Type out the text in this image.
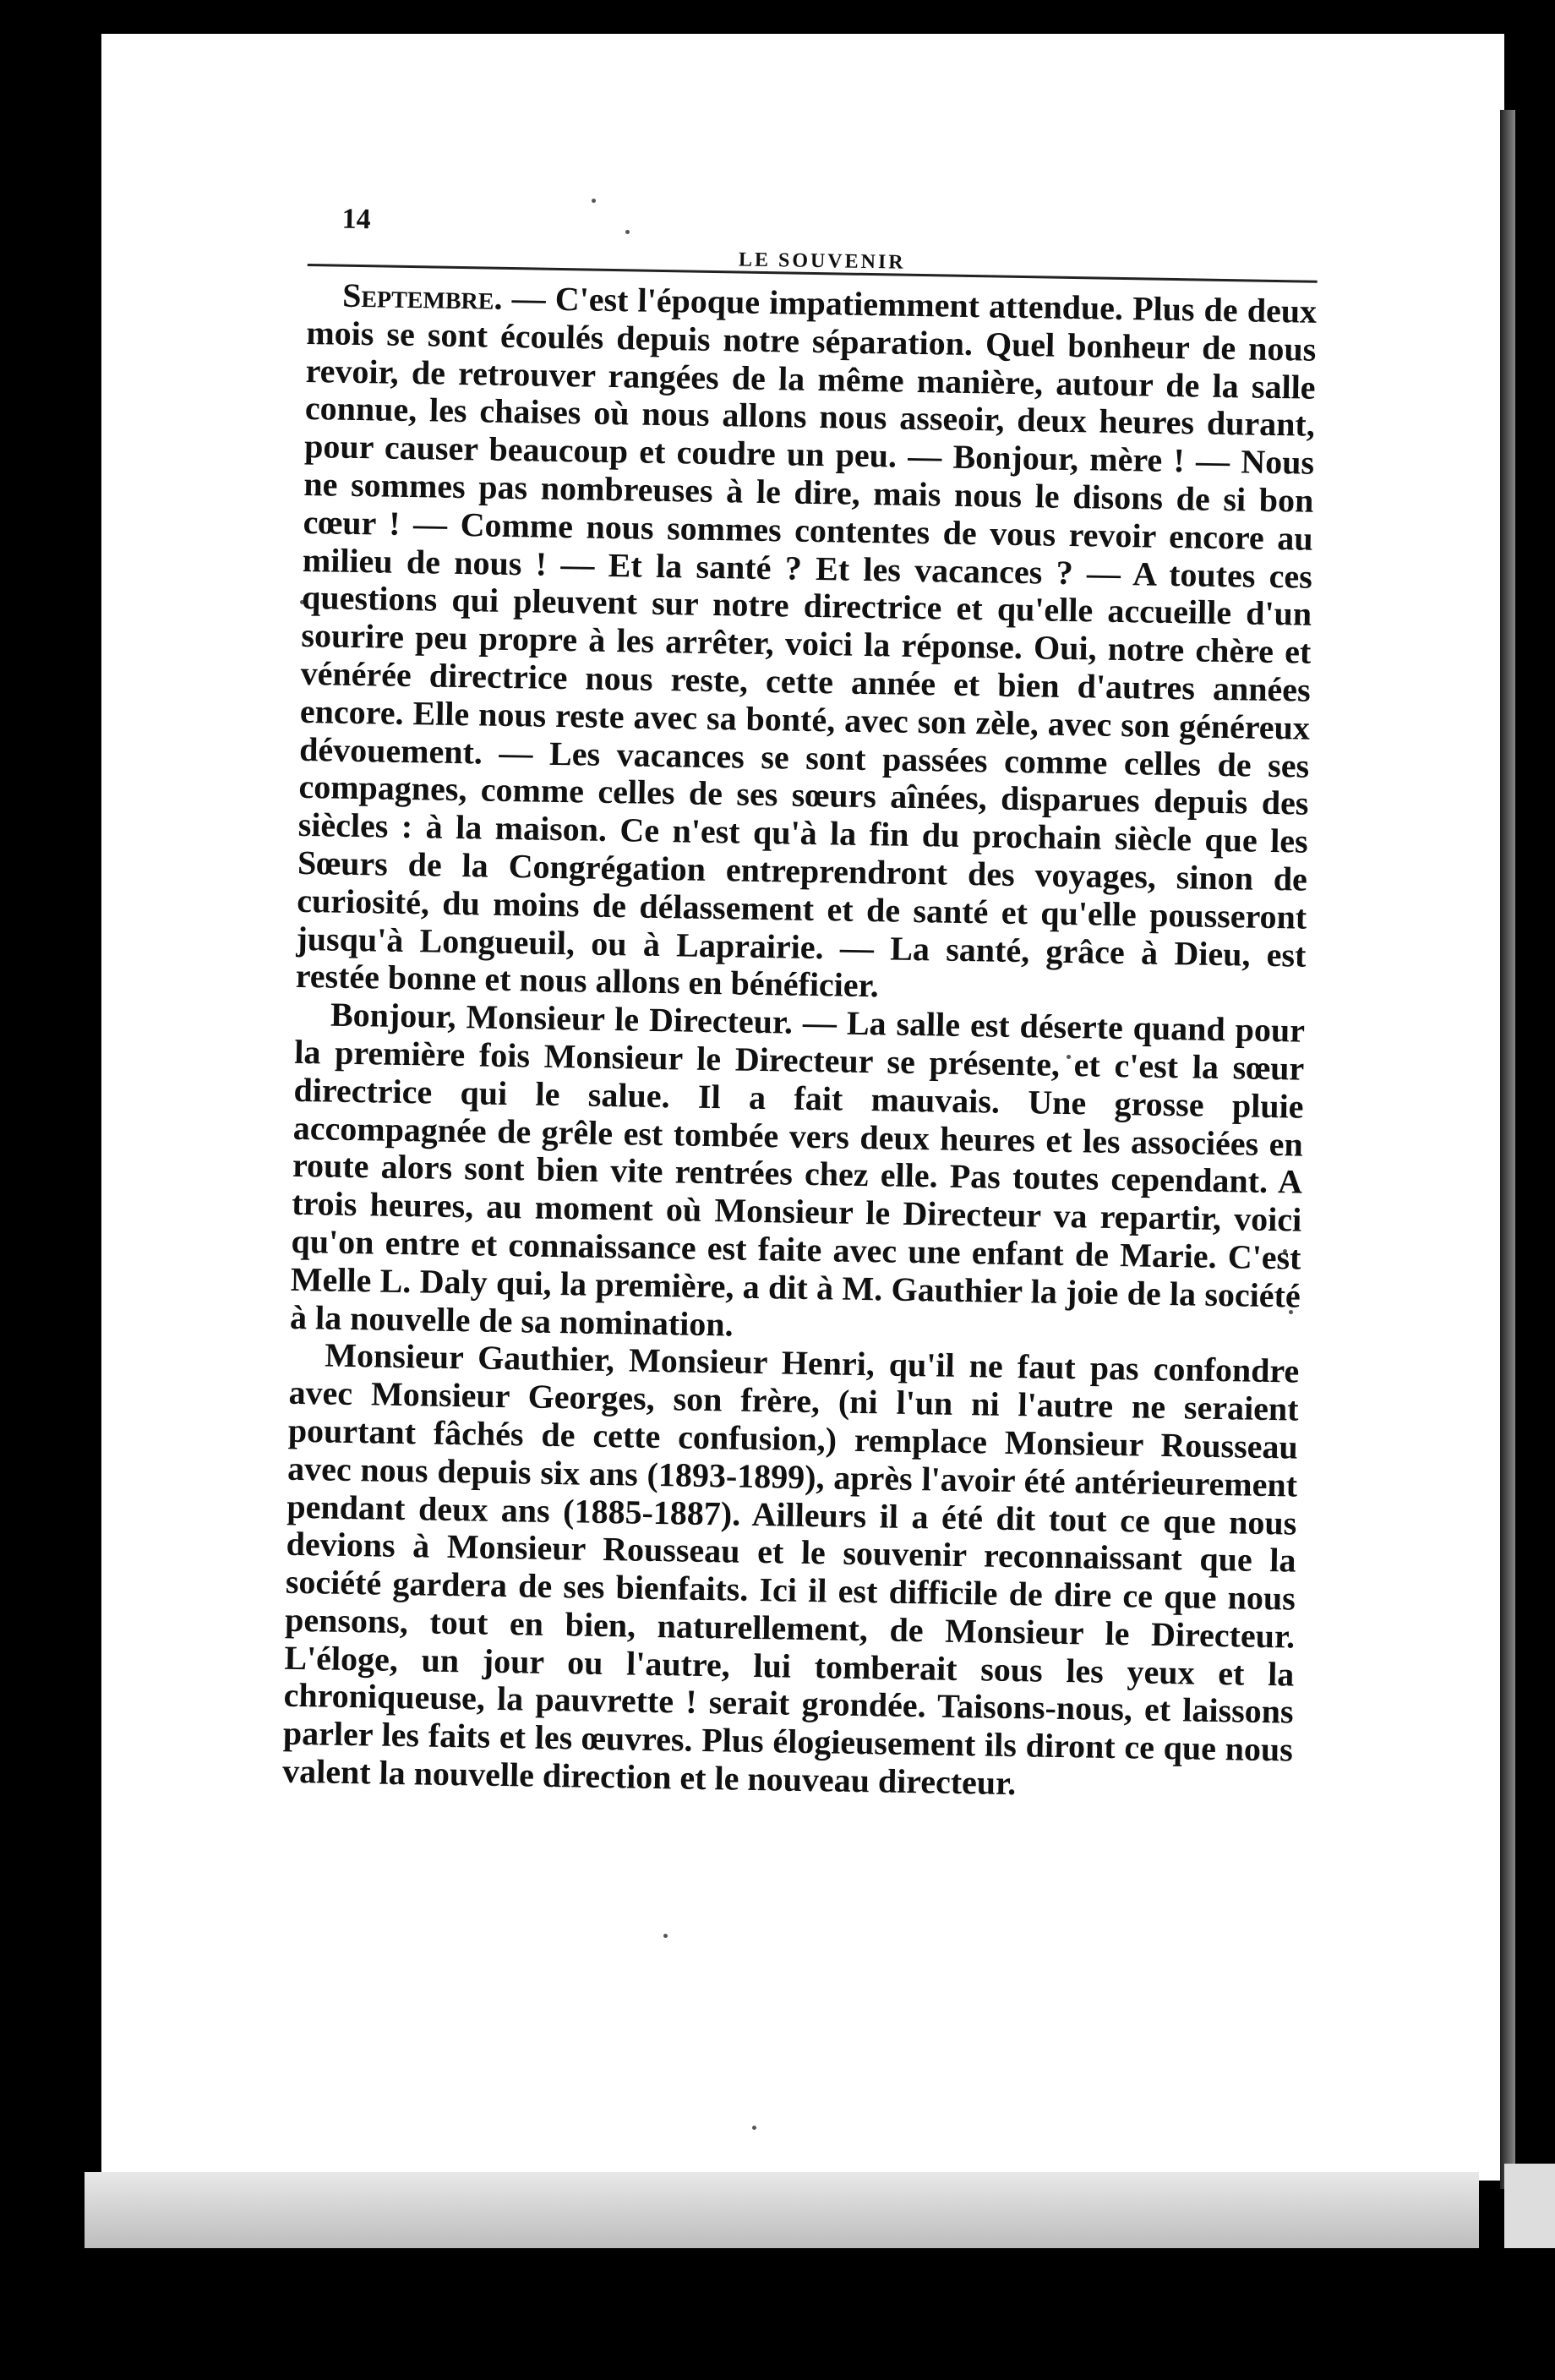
14
LE SOUVENIR

Septembre. — C'est l'époque impatiemment attendue. Plus de deux mois se sont écoulés depuis notre séparation. Quel bonheur de nous revoir, de retrouver rangées de la même manière, autour de la salle connue, les chaises où nous allons nous asseoir, deux heures durant, pour causer beaucoup et coudre un peu. — Bonjour, mère ! — Nous ne sommes pas nombreuses à le dire, mais nous le disons de si bon cœur ! — Comme nous sommes contentes de vous revoir encore au milieu de nous ! — Et la santé ? Et les vacances ? — A toutes ces questions qui pleuvent sur notre directrice et qu'elle accueille d'un sourire peu propre à les arrêter, voici la réponse. Oui, notre chère et vénérée directrice nous reste, cette année et bien d'autres années encore. Elle nous reste avec sa bonté, avec son zèle, avec son généreux dévouement. — Les vacances se sont passées comme celles de ses compagnes, comme celles de ses sœurs aînées, disparues depuis des siècles : à la maison. Ce n'est qu'à la fin du prochain siècle que les Sœurs de la Congrégation entreprendront des voyages, sinon de curiosité, du moins de délassement et de santé et qu'elle pousseront jusqu'à Longueuil, ou à Laprairie. — La santé, grâce à Dieu, est restée bonne et nous allons en bénéficier.

Bonjour, Monsieur le Directeur. — La salle est déserte quand pour la première fois Monsieur le Directeur se présente, et c'est la sœur directrice qui le salue. Il a fait mauvais. Une grosse pluie accompagnée de grêle est tombée vers deux heures et les associées en route alors sont bien vite rentrées chez elle. Pas toutes cependant. A trois heures, au moment où Monsieur le Directeur va repartir, voici qu'on entre et connaissance est faite avec une enfant de Marie. C'est Melle L. Daly qui, la première, a dit à M. Gauthier la joie de la société à la nouvelle de sa nomination.

Monsieur Gauthier, Monsieur Henri, qu'il ne faut pas confondre avec Monsieur Georges, son frère, (ni l'un ni l'autre ne seraient pourtant fâchés de cette confusion,) remplace Monsieur Rousseau avec nous depuis six ans (1893-1899), après l'avoir été antérieurement pendant deux ans (1885-1887). Ailleurs il a été dit tout ce que nous devions à Monsieur Rousseau et le souvenir reconnaissant que la société gardera de ses bienfaits. Ici il est difficile de dire ce que nous pensons, tout en bien, naturellement, de Monsieur le Directeur. L'éloge, un jour ou l'autre, lui tomberait sous les yeux et la chroniqueuse, la pauvrette ! serait grondée. Taisons-nous, et laissons parler les faits et les œuvres. Plus élogieusement ils diront ce que nous valent la nouvelle direction et le nouveau directeur.
